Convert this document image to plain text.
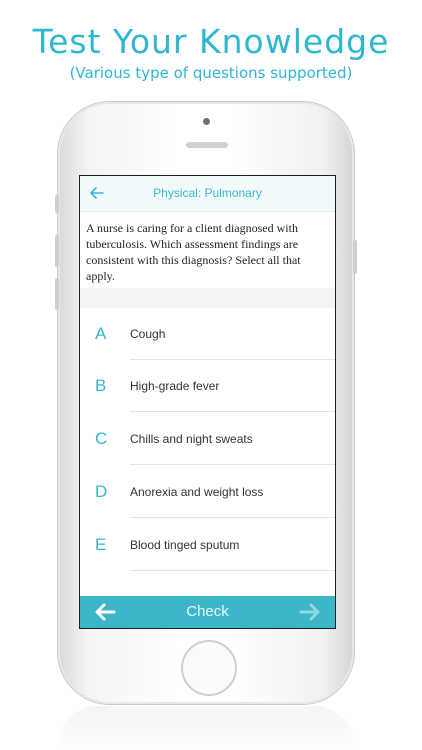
Test Your Knowledge
(Various type of questions supported)
Physical: Pulmonary
A nurse is caring for a client diagnosed with tuberculosis. Which assessment findings are consistent with this diagnosis? Select all that apply.
A	Cough
B	High-grade fever
C	Chills and night sweats
D	Anorexia and weight loss
E	Blood tinged sputum
Check
